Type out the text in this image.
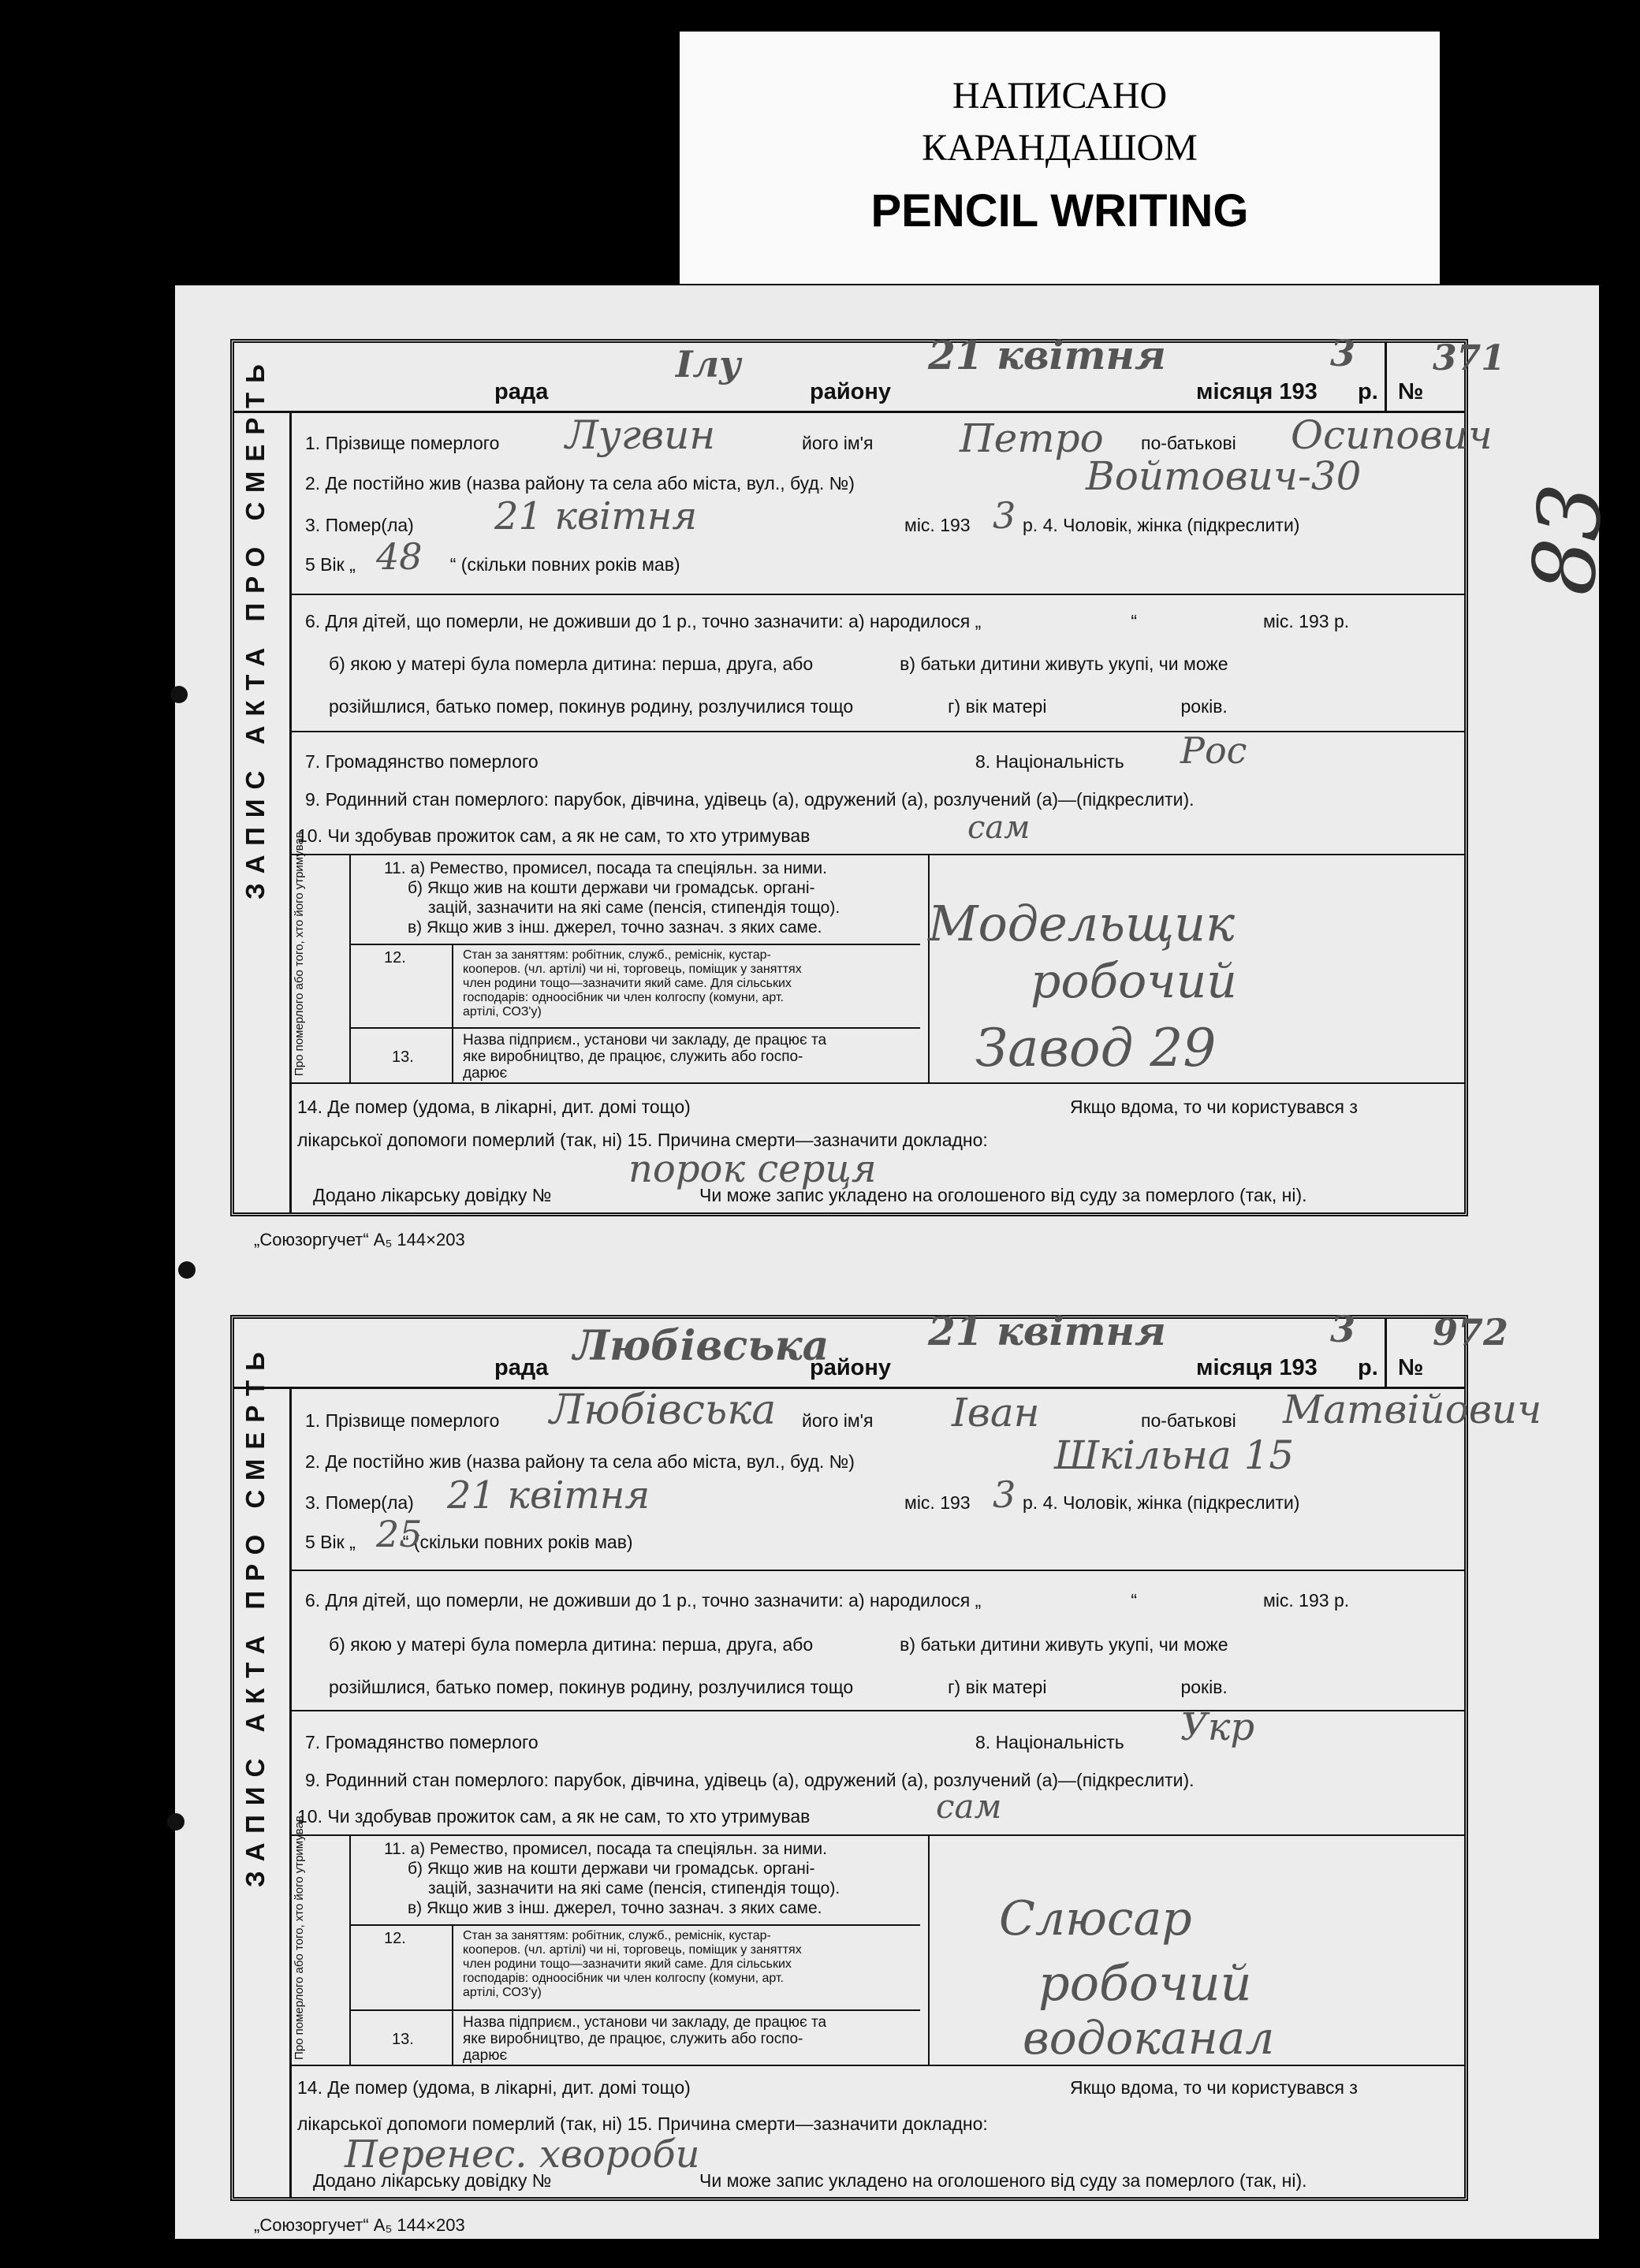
НАПИСАНО
КАРАНДАШОМ
PENCIL WRITING
83
рада	району	місяця 193 р. №
Ілу	21 квітня	3 371
ЗАПИС АКТА ПРО СМЕРТЬ 1. Прізвище померлого	його ім'я	по-батькові
Лугвин	Петро	Осипович
2. Де постійно жив (назва району та села або міста, вул., буд. №)	Войтович-30
3. Помер(ла)	міс. 193	р. 4. Чоловік, жінка (підкреслити)
21 квітня	3
5 Вік „	“ (скільки повних років мав)
48
6. Для дітей, що померли, не доживши до 1 р., точно зазначити: а) народилося „	“	міс. 193 р.
б) якою у матері була померла дитина: перша, друга, або	в) батьки дитини живуть укупі, чи може
розійшлися, батько помер, покинув родину, розлучилися тощо	г) вік матері	років.
7. Громадянство померлого	8. Національність Рос
9. Родинний стан померлого: парубок, дівчина, удівець (а), одружений (а), розлучений (а)—(підкреслити).
10. Чи здобував прожиток сам, а як не сам, то хто утримував	сам
Про померлого або того, хто його утримував	11. а) Ремество, промисел, посада та спеціяльн. за ними.
б) Якщо жив на кошти держави чи громадськ. органі-
зацій, зазначити на які саме (пенсія, стипендія тощо).
в) Якщо жив з інш. джерел, точно зазнач. з яких саме.	Модельщик
12.	Стан за заняттям: робітник, служб., реміснік, кустар-
кооперов. (чл. артілі) чи ні, торговець, поміщик у заняттях
член родини тощо—зазначити який саме. Для сільських
господарів: одноосібник чи член колгоспу (комуни, арт.
артілі, СОЗ'у)
робочий
13.
Назва підприєм., установи чи закладу, де працює та
яке виробництво, де працює, служить або госпо-
дарює	Завод 29
14. Де помер (удома, в лікарні, дит. домі тощо)	Якщо вдома, то чи користувався з
лікарської допомоги померлий (так, ні) 15. Причина смерти—зазначити докладно:
порок серця
Додано лікарську довідку №	Чи може запис укладено на оголошеного від суду за померлого (так, ні).
„Союзоргучет“ А₅ 144×203
рада	району	місяця 193 р. №
Любівська	21 квітня	3 972
ЗАПИС АКТА ПРО СМЕРТЬ 1. Прізвище померлого	його ім'я	по-батькові
Любівська	Іван	Матвійович
2. Де постійно жив (назва району та села або міста, вул., буд. №)	Шкільна 15
3. Помер(ла)	міс. 193	р. 4. Чоловік, жінка (підкреслити)
21 квітня	3
5 Вік „	“ (скільки повних років мав)
25
6. Для дітей, що померли, не доживши до 1 р., точно зазначити: а) народилося „	“	міс. 193 р.
б) якою у матері була померла дитина: перша, друга, або	в) батьки дитини живуть укупі, чи може
розійшлися, батько помер, покинув родину, розлучилися тощо	г) вік матері	років.
7. Громадянство померлого	8. Національність Укр
9. Родинний стан померлого: парубок, дівчина, удівець (а), одружений (а), розлучений (а)—(підкреслити).
10. Чи здобував прожиток сам, а як не сам, то хто утримував	сам
Про померлого або того, хто його утримував	11. а) Ремество, промисел, посада та спеціяльн. за ними.
б) Якщо жив на кошти держави чи громадськ. органі-
зацій, зазначити на які саме (пенсія, стипендія тощо).
в) Якщо жив з інш. джерел, точно зазнач. з яких саме.	Слюсар
12.	Стан за заняттям: робітник, служб., реміснік, кустар-
кооперов. (чл. артілі) чи ні, торговець, поміщик у заняттях
член родини тощо—зазначити який саме. Для сільських
господарів: одноосібник чи член колгоспу (комуни, арт.
артілі, СОЗ'у)	робочий
13.
Назва підприєм., установи чи закладу, де працює та
яке виробництво, де працює, служить або госпо-
дарює	водоканал
14. Де помер (удома, в лікарні, дит. домі тощо)	Якщо вдома, то чи користувався з
лікарської допомоги померлий (так, ні) 15. Причина смерти—зазначити докладно:
Перенес. хвороби
Додано лікарську довідку №	Чи може запис укладено на оголошеного від суду за померлого (так, ні).
„Союзоргучет“ А₅ 144×203
